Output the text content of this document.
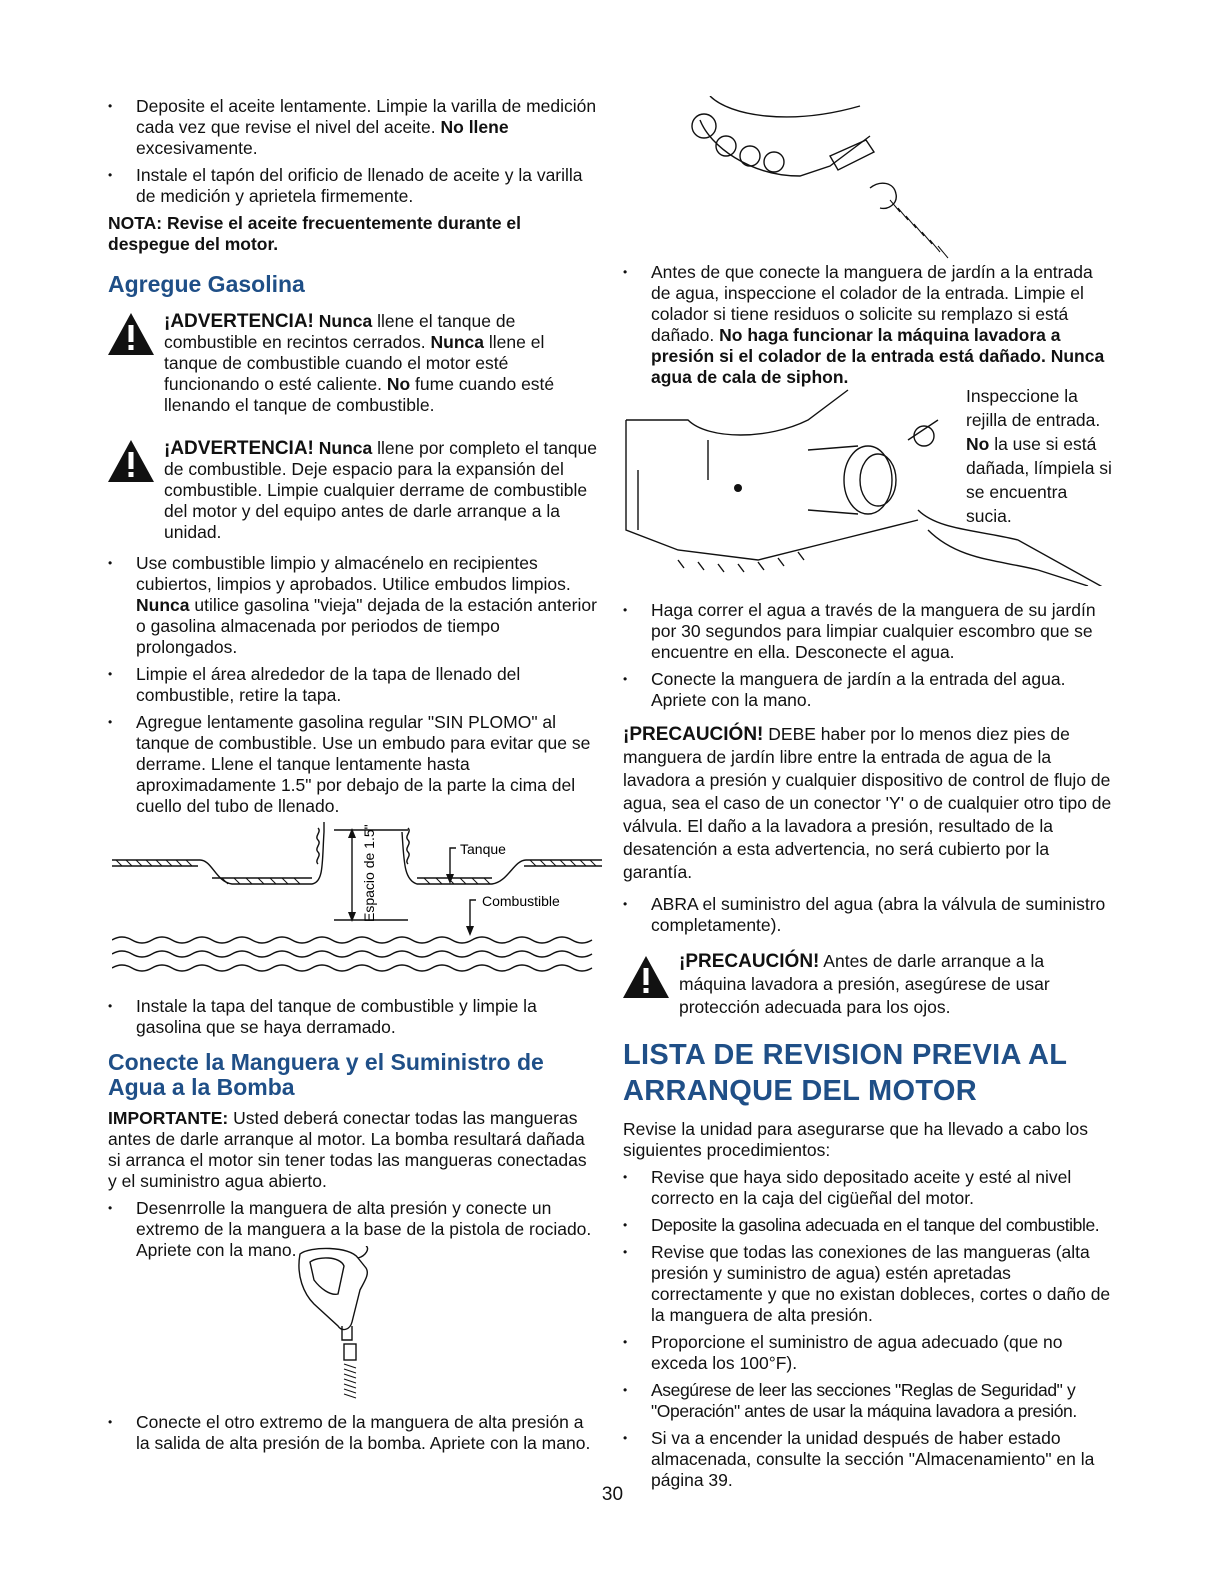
• Deposite el aceite lentamente. Limpie la varilla de medición cada vez que revise el nivel del aceite. No llene excesivamente.
• Instale el tapón del orificio de llenado de aceite y la varilla de medición y aprietela firmemente.

NOTA: Revise el aceite frecuentemente durante el despegue del motor.

Agregue Gasolina
¡ADVERTENCIA! Nunca llene el tanque de combustible en recintos cerrados. Nunca llene el tanque de combustible cuando el motor esté funcionando o esté caliente. No fume cuando esté llenando el tanque de combustible.
¡ADVERTENCIA! Nunca llene por completo el tanque de combustible. Deje espacio para la expansión del combustible. Limpie cualquier derrame de combustible del motor y del equipo antes de darle arranque a la unidad.
• Use combustible limpio y almacénelo en recipientes cubiertos, limpios y aprobados. Utilice embudos limpios. Nunca utilice gasolina "vieja" dejada de la estación anterior o gasolina almacenada por periodos de tiempo prolongados.
• Limpie el área alrededor de la tapa de llenado del combustible, retire la tapa.
• Agregue lentamente gasolina regular "SIN PLOMO" al tanque de combustible. Use un embudo para evitar que se derrame. Llene el tanque lentamente hasta aproximadamente 1.5" por debajo de la parte la cima del cuello del tubo de llenado.
Tanque
Combustible
Espacio de 1.5"
• Instale la tapa del tanque de combustible y limpie la gasolina que se haya derramado.
Conecte la Manguera y el Suministro de Agua a la Bomba

IMPORTANTE: Usted deberá conectar todas las mangueras antes de darle arranque al motor. La bomba resultará dañada si arranca el motor sin tener todas las mangueras conectadas y el suministro agua abierto.

• Desenrrolle la manguera de alta presión y conecte un extremo de la manguera a la base de la pistola de rociado. Apriete con la mano.
• Conecte el otro extremo de la manguera de alta presión a la salida de alta presión de la bomba. Apriete con la mano.
• Antes de que conecte la manguera de jardín a la entrada de agua, inspeccione el colador de la entrada. Limpie el colador si tiene residuos o solicite su remplazo si está dañado. No haga funcionar la máquina lavadora a presión si el colador de la entrada está dañado. Nunca agua de cala de siphon.
Inspeccione la rejilla de entrada. No la use si está dañada, límpiela si se encuentra sucia.
• Haga correr el agua a través de la manguera de su jardín por 30 segundos para limpiar cualquier escombro que se encuentre en ella. Desconecte el agua.
• Conecte la manguera de jardín a la entrada del agua. Apriete con la mano.

¡PRECAUCIÓN! DEBE haber por lo menos diez pies de manguera de jardín libre entre la entrada de agua de la lavadora a presión y cualquier dispositivo de control de flujo de agua, sea el caso de un conector 'Y' o de cualquier otro tipo de válvula. El daño a la lavadora a presión, resultado de la desatención a esta advertencia, no será cubierto por la garantía.

• ABRA el suministro del agua (abra la válvula de suministro completamente).
¡PRECAUCIÓN! Antes de darle arranque a la máquina lavadora a presión, asegúrese de usar protección adecuada para los ojos.
LISTA DE REVISION PREVIA AL ARRANQUE DEL MOTOR

Revise la unidad para asegurarse que ha llevado a cabo los siguientes procedimientos:

• Revise que haya sido depositado aceite y esté al nivel correcto en la caja del cigüeñal del motor.
• Deposite la gasolina adecuada en el tanque del combustible.
• Revise que todas las conexiones de las mangueras (alta presión y suministro de agua) estén apretadas correctamente y que no existan dobleces, cortes o daño de la manguera de alta presión.
• Proporcione el suministro de agua adecuado (que no exceda los 100°F).
• Asegúrese de leer las secciones "Reglas de Seguridad" y "Operación" antes de usar la máquina lavadora a presión.
• Si va a encender la unidad después de haber estado almacenada, consulte la sección "Almacenamiento" en la página 39.
30
